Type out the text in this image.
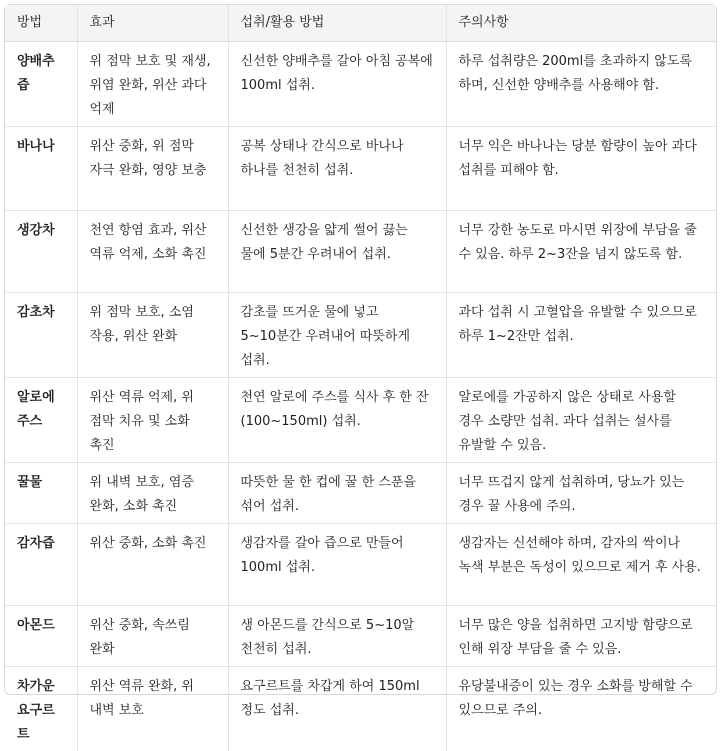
방법	효과	섭취/활용 방법	주의사항
양배추즙	위 점막 보호 및 재생, 위염 완화, 위산 과다 억제	신선한 양배추를 갈아 아침 공복에 100ml 섭취.	하루 섭취량은 200ml를 초과하지 않도록 하며, 신선한 양배추를 사용해야 함.
바나나	위산 중화, 위 점막 자극 완화, 영양 보충	공복 상태나 간식으로 바나나 하나를 천천히 섭취.	너무 익은 바나나는 당분 함량이 높아 과다 섭취를 피해야 함.
생강차	천연 항염 효과, 위산 역류 억제, 소화 촉진	신선한 생강을 얇게 썰어 끓는 물에 5분간 우려내어 섭취.	너무 강한 농도로 마시면 위장에 부담을 줄 수 있음. 하루 2~3잔을 넘지 않도록 함.
감초차	위 점막 보호, 소염 작용, 위산 완화	감초를 뜨거운 물에 넣고 5~10분간 우려내어 따뜻하게 섭취.	과다 섭취 시 고혈압을 유발할 수 있으므로 하루 1~2잔만 섭취.
알로에 주스	위산 역류 억제, 위 점막 치유 및 소화 촉진	천연 알로에 주스를 식사 후 한 잔(100~150ml) 섭취.	알로에를 가공하지 않은 상태로 사용할 경우 소량만 섭취. 과다 섭취는 설사를 유발할 수 있음.
꿀물	위 내벽 보호, 염증 완화, 소화 촉진	따뜻한 물 한 컵에 꿀 한 스푼을 섞어 섭취.	너무 뜨겁지 않게 섭취하며, 당뇨가 있는 경우 꿀 사용에 주의.
감자즙	위산 중화, 소화 촉진	생감자를 갈아 즙으로 만들어 100ml 섭취.	생감자는 신선해야 하며, 감자의 싹이나 녹색 부분은 독성이 있으므로 제거 후 사용.
아몬드	위산 중화, 속쓰림 완화	생 아몬드를 간식으로 5~10알 천천히 섭취.	너무 많은 양을 섭취하면 고지방 함량으로 인해 위장 부담을 줄 수 있음.
차가운 요구르트	위산 역류 완화, 위 내벽 보호	요구르트를 차갑게 하여 150ml 정도 섭취.	유당불내증이 있는 경우 소화를 방해할 수 있으므로 주의.
